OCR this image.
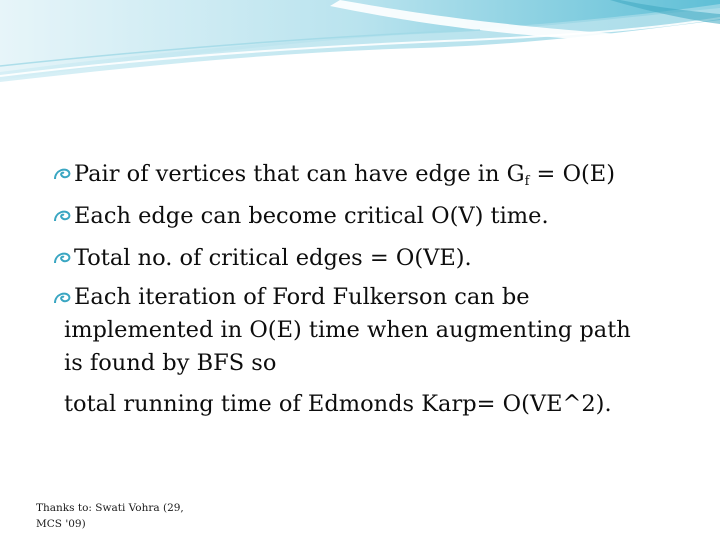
Pair of vertices that can have edge in $G_f = O(E)$
Each edge can become critical O(V) time.
Total no. of critical edges = O(VE).
Each iteration of Ford Fulkerson can be
implemented in O(E) time when augmenting path
is found by BFS so
total running time of Edmonds Karp= O(VE^2).
Thanks to: Swati Vohra (29,
MCS '09)
